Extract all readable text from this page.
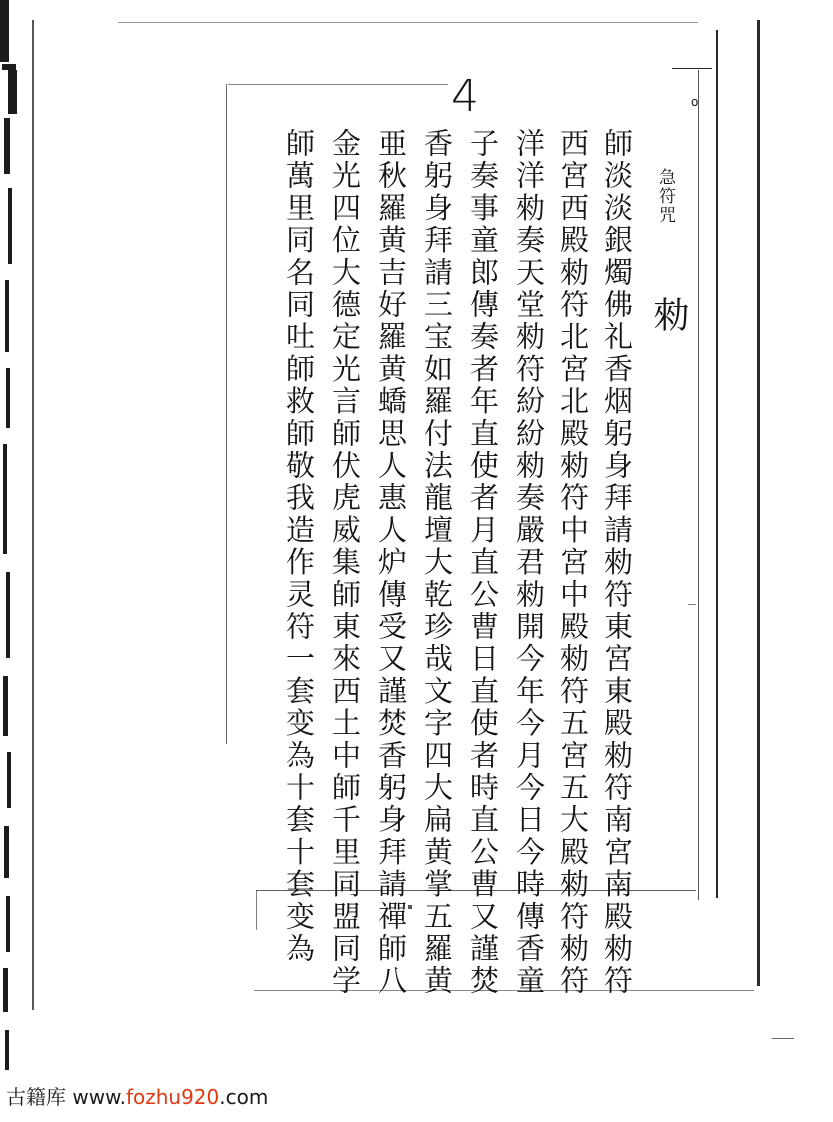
4	o
急符咒
勑
師淡淡銀燭佛礼香烟躬身拜請勑符東宮東殿勑符南宮南殿勑符
西宮西殿勑符北宮北殿勑符中宮中殿勑符五宮五大殿勑符勑符
洋洋勑奏天堂勑符紛紛勑奏嚴君勑開今年今月今日今時傳香童
子奏事童郎傳奏者年直使者月直公曹日直使者時直公曹又謹焚
香躬身拜請三宝如羅付法龍壇大乾珍哉文字四大扁黄掌五羅黄
亜秋羅黄吉好羅黄蟜思人惠人炉傳受又謹焚香躬身拜請禪師八
金光四位大德定光言師伏虎威集師東來西土中師千里同盟同学
師萬里同名同吐師救師敬我造作灵符一套变為十套十套变為
古籍库 www.fozhu920.com
